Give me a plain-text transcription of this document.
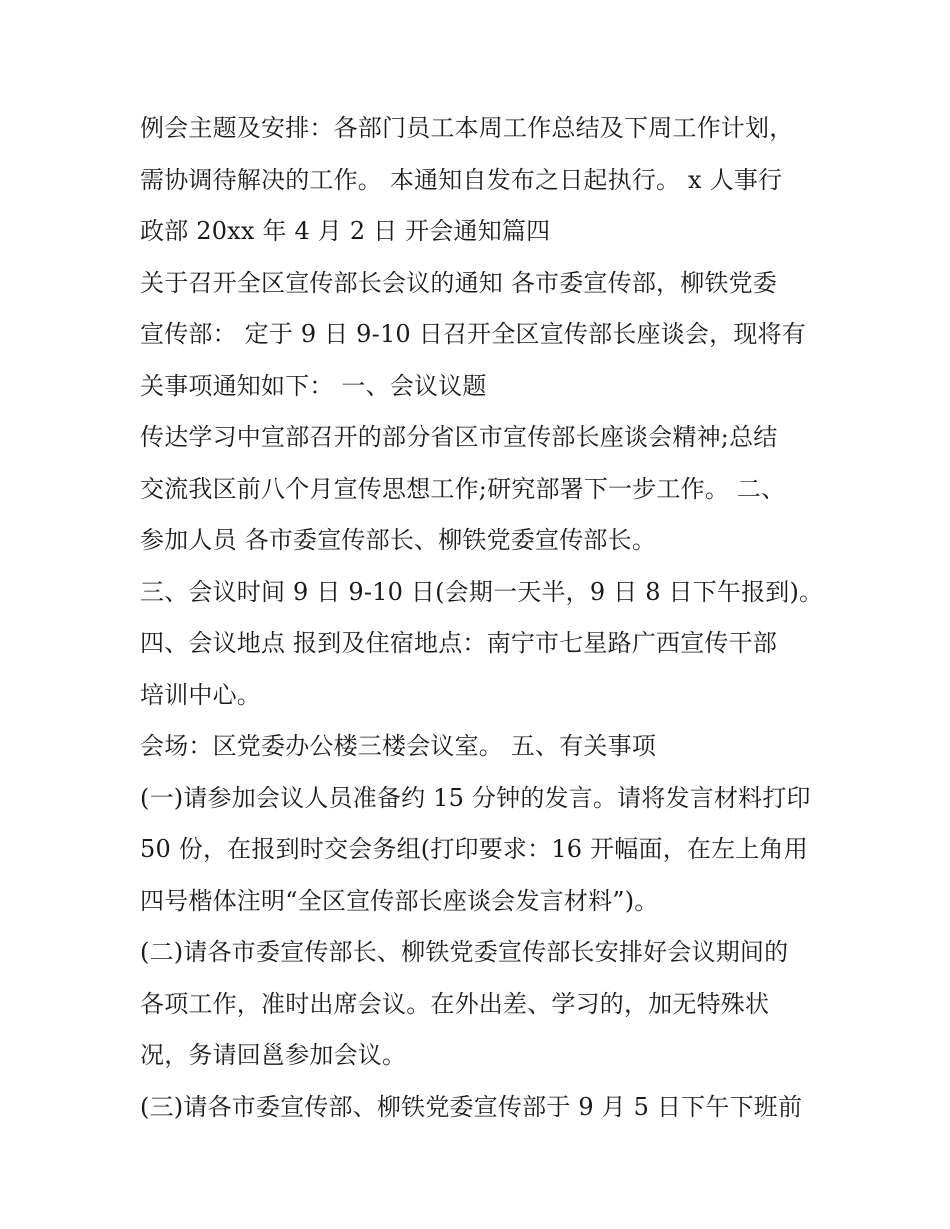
例会主题及安排：各部门员工本周工作总结及下周工作计划，
需协调待解决的工作。 本通知自发布之日起执行。 x 人事行
政部 20xx 年 4 月 2 日 开会通知篇四
关于召开全区宣传部长会议的通知 各市委宣传部，柳铁党委
宣传部： 定于 9 日 9-10 日召开全区宣传部长座谈会，现将有
关事项通知如下： 一、会议议题
传达学习中宣部召开的部分省区市宣传部长座谈会精神;总结
交流我区前八个月宣传思想工作;研究部署下一步工作。 二、
参加人员 各市委宣传部长、柳铁党委宣传部长。
三、会议时间 9 日 9-10 日(会期一天半，9 日 8 日下午报到)。
四、会议地点 报到及住宿地点：南宁市七星路广西宣传干部
培训中心。
会场：区党委办公楼三楼会议室。 五、有关事项
(一)请参加会议人员准备约 15 分钟的发言。请将发言材料打印
50 份，在报到时交会务组(打印要求：16 开幅面，在左上角用
四号楷体注明“全区宣传部长座谈会发言材料”)。
(二)请各市委宣传部长、柳铁党委宣传部长安排好会议期间的
各项工作，准时出席会议。在外出差、学习的，加无特殊状
况，务请回邕参加会议。
(三)请各市委宣传部、柳铁党委宣传部于 9 月 5 日下午下班前
